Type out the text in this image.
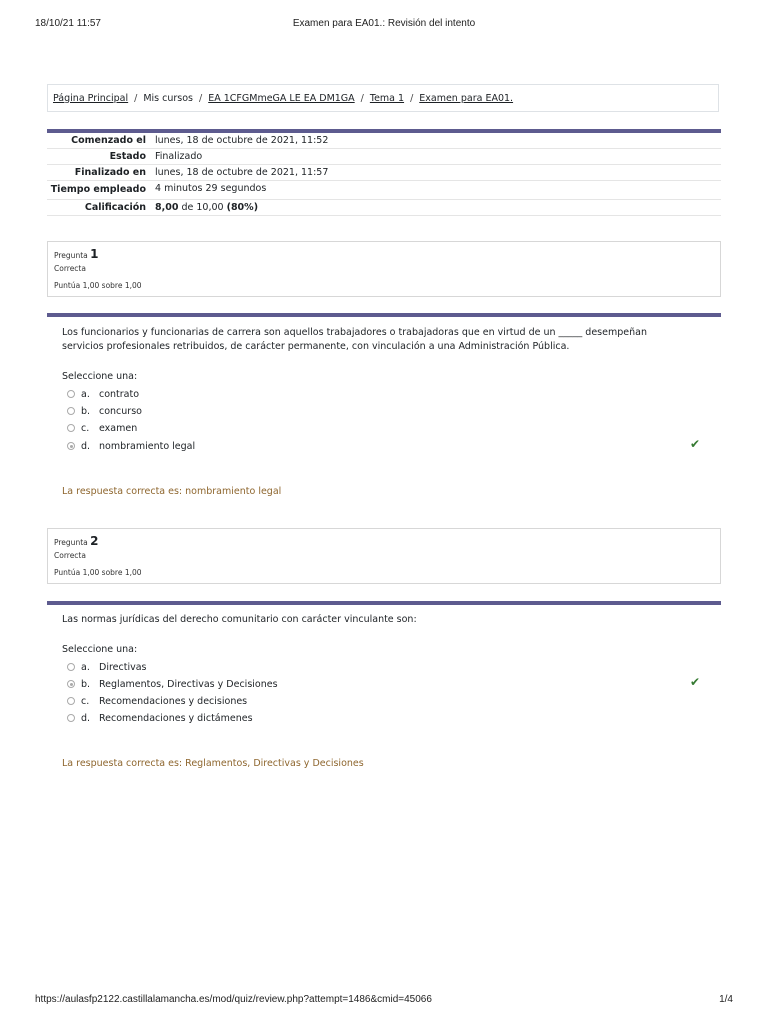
18/10/21 11:57	Examen para EA01.: Revisión del intento
Página Principal / Mis cursos / EA 1CFGMmeGA LE EA DM1GA / Tema 1 / Examen para EA01.
Comenzado el lunes, 18 de octubre de 2021, 11:52
Estado Finalizado
Finalizado en lunes, 18 de octubre de 2021, 11:57
Tiempo empleado 4 minutos 29 segundos
Calificación 8,00 de 10,00 (80%)
Pregunta 1
Correcta
Puntúa 1,00 sobre 1,00
Los funcionarios y funcionarias de carrera son aquellos trabajadores o trabajadoras que en virtud de un _____ desempeñan servicios profesionales retribuidos, de carácter permanente, con vinculación a una Administración Pública.
Seleccione una:
a. contrato
b. concurso
c.	examen
d. nombramiento legal	✔
La respuesta correcta es: nombramiento legal
Pregunta 2
Correcta
Puntúa 1,00 sobre 1,00
Las normas jurídicas del derecho comunitario con carácter vinculante son:
Seleccione una:
a. Directivas
b. Reglamentos, Directivas y Decisiones
c.	Recomendaciones y decisiones
d. Recomendaciones y dictámenes
✔
La respuesta correcta es: Reglamentos, Directivas y Decisiones
https://aulasfp2122.castillalamancha.es/mod/quiz/review.php?attempt=1486&cmid=45066	1/4
